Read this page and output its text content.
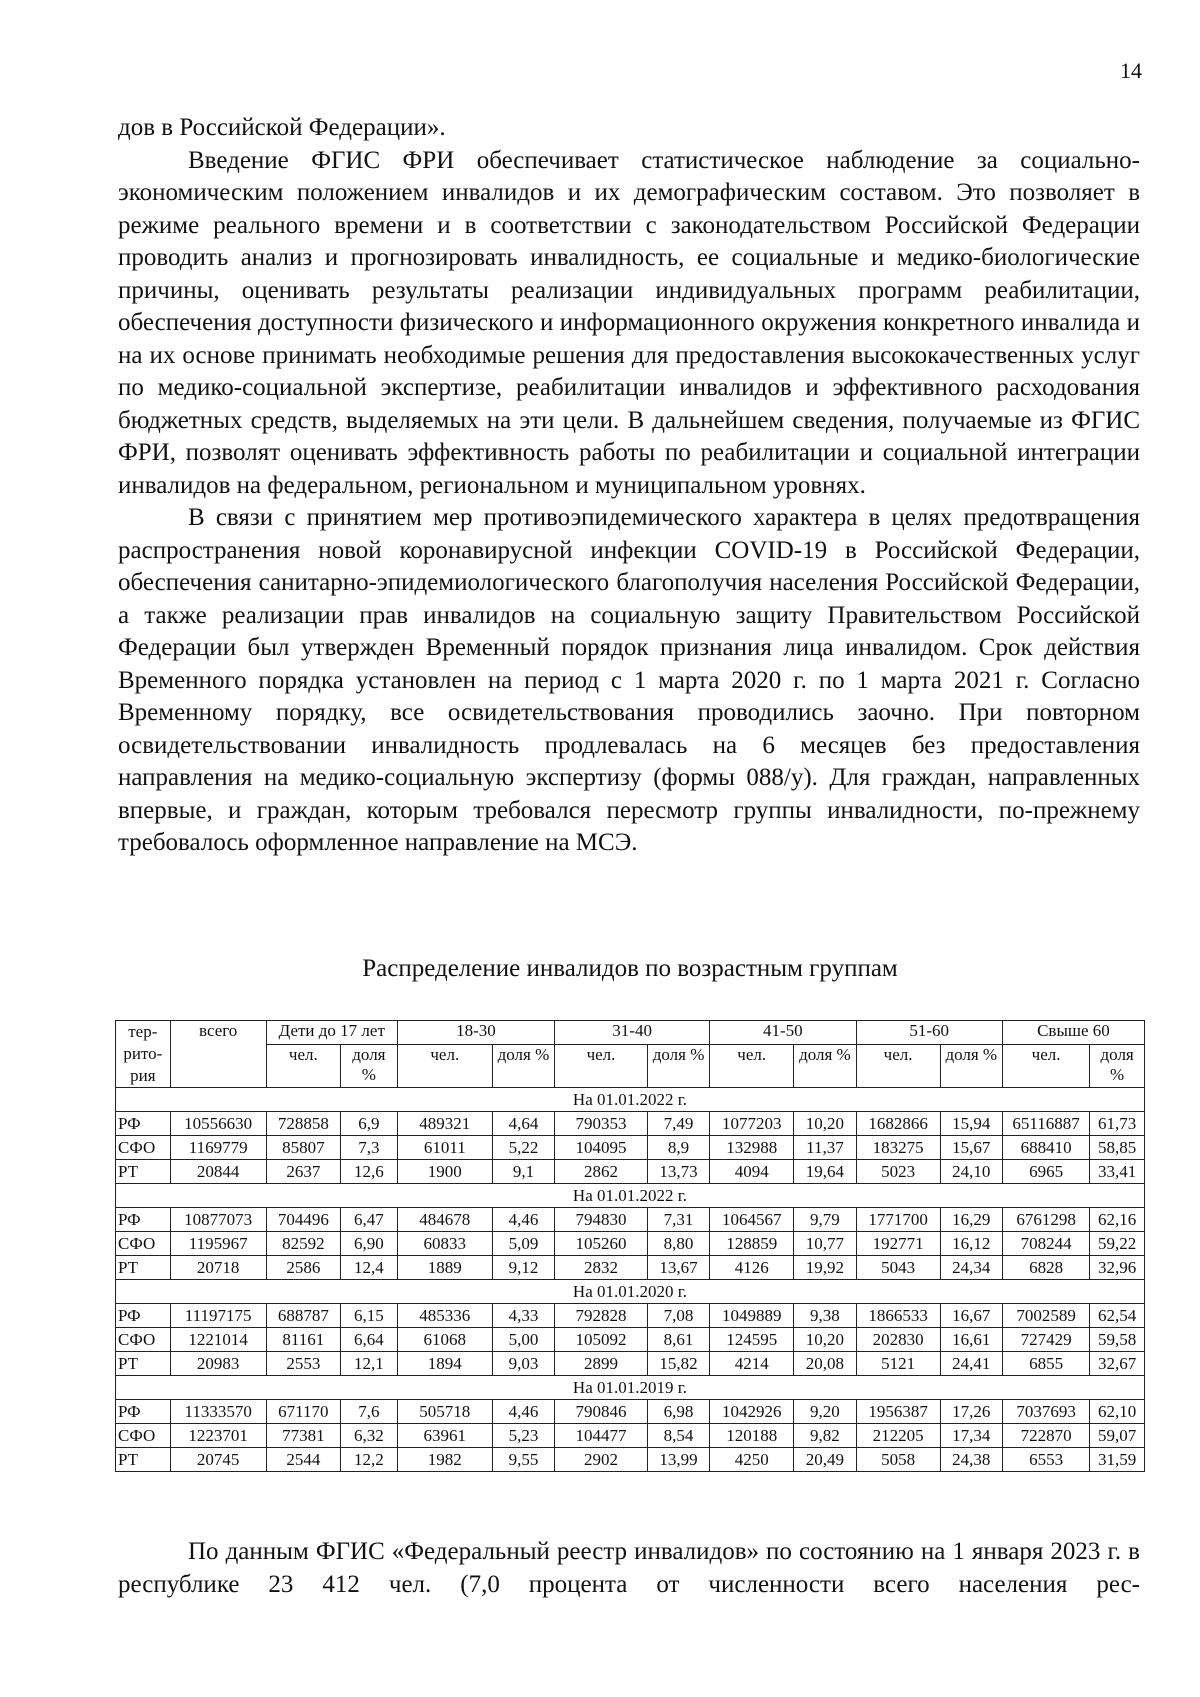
14

дов в Российской Федерации».

Введение ФГИС ФРИ обеспечивает статистическое наблюдение за социально-экономическим положением инвалидов и их демографическим составом. Это позволяет в режиме реального времени и в соответствии с законодательством Российской Федерации проводить анализ и прогнозировать инвалидность, ее социальные и медико-биологические причины, оценивать результаты реализации индивидуальных программ реабилитации, обеспечения доступности физического и информационного окружения конкретного инвалида и на их основе принимать необходимые решения для предоставления высококачественных услуг по медико-социальной экспертизе, реабилитации инвалидов и эффективного расходования бюджетных средств, выделяемых на эти цели. В дальнейшем сведения, получаемые из ФГИС ФРИ, позволят оценивать эффективность работы по реабилитации и социальной интеграции инвалидов на федеральном, региональном и муниципальном уровнях.

В связи с принятием мер противоэпидемического характера в целях предотвращения распространения новой коронавирусной инфекции COVID-19 в Российской Федерации, обеспечения санитарно-эпидемиологического благополучия населения Российской Федерации, а также реализации прав инвалидов на социальную защиту Правительством Российской Федерации был утвержден Временный порядок признания лица инвалидом. Срок действия Временного порядка установлен на период с 1 марта 2020 г. по 1 марта 2021 г. Согласно Временному порядку, все освидетельствования проводились заочно. При повторном освидетельствовании инвалидность продлевалась на 6 месяцев без предоставления направления на медико-социальную экспертизу (формы 088/у). Для граждан, направленных впервые, и граждан, которым требовался пересмотр группы инвалидности, по-прежнему требовалось оформленное направление на МСЭ.

Распределение инвалидов по возрастным группам
тер-рито-рия	всего	Дети до 17 лет		18-30		31-40		41-50		51-60		Свыше 60	
		чел.	доля %	чел.	доля %	чел.	доля %	чел.	доля %	чел.	доля %	чел.	доля %
На 01.01.2022 г.													
РФ	10556630	728858	6,9	489321	4,64	790353	7,49	1077203	10,20	1682866	15,94	65116887	61,73
СФО	1169779	85807	7,3	61011	5,22	104095	8,9	132988	11,37	183275	15,67	688410	58,85
РТ	20844	2637	12,6	1900	9,1	2862	13,73	4094	19,64	5023	24,10	6965	33,41
На 01.01.2022 г.													
РФ	10877073	704496	6,47	484678	4,46	794830	7,31	1064567	9,79	1771700	16,29	6761298	62,16
СФО	1195967	82592	6,90	60833	5,09	105260	8,80	128859	10,77	192771	16,12	708244	59,22
РТ	20718	2586	12,4	1889	9,12	2832	13,67	4126	19,92	5043	24,34	6828	32,96
На 01.01.2020 г.													
РФ	11197175	688787	6,15	485336	4,33	792828	7,08	1049889	9,38	1866533	16,67	7002589	62,54
СФО	1221014	81161	6,64	61068	5,00	105092	8,61	124595	10,20	202830	16,61	727429	59,58
РТ	20983	2553	12,1	1894	9,03	2899	15,82	4214	20,08	5121	24,41	6855	32,67
На 01.01.2019 г.													
РФ	11333570	671170	7,6	505718	4,46	790846	6,98	1042926	9,20	1956387	17,26	7037693	62,10
СФО	1223701	77381	6,32	63961	5,23	104477	8,54	120188	9,82	212205	17,34	722870	59,07
РТ	20745	2544	12,2	1982	9,55	2902	13,99	4250	20,49	5058	24,38	6553	31,59

По данным ФГИС «Федеральный реестр инвалидов» по состоянию на 1 января 2023 г. в республике 23 412 чел. (7,0 процента от численности всего населения рес-
